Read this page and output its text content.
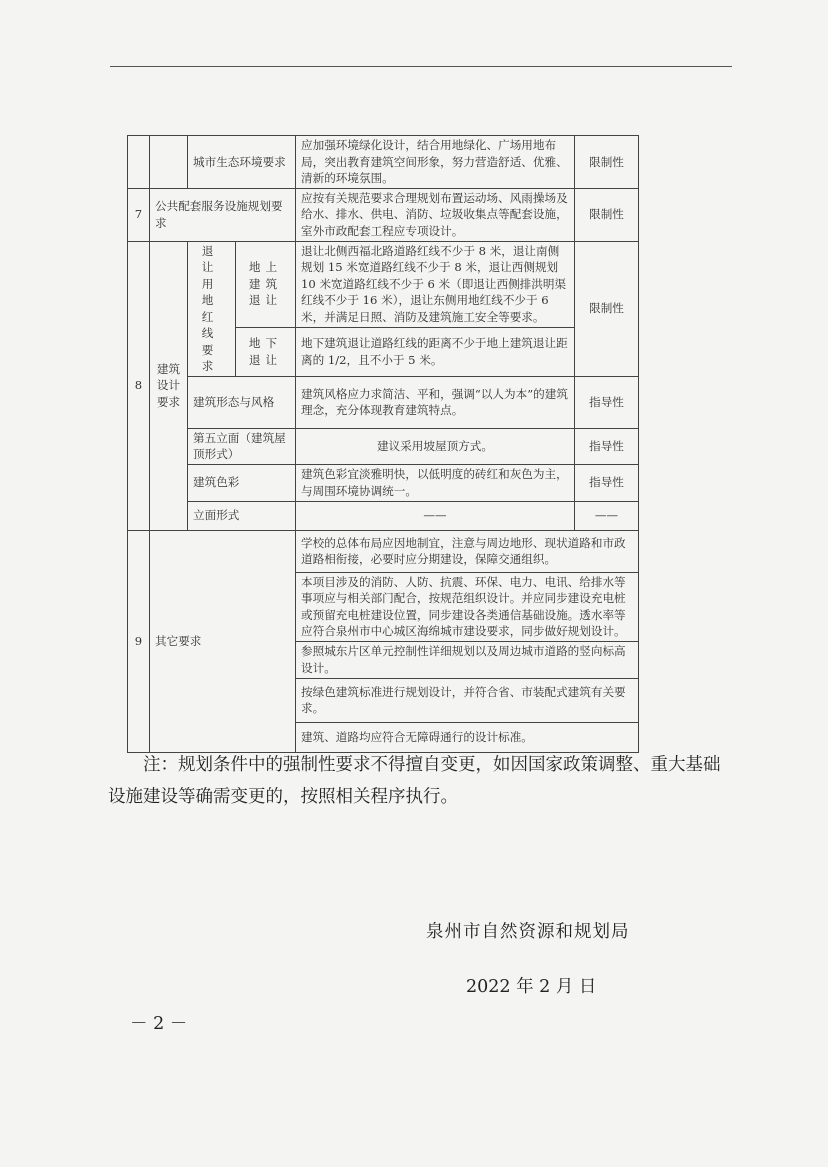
		城市生态环境要求		应加强环境绿化设计，结合用地绿化、广场用地布局，突出教育建筑空间形象，努力营造舒适、优雅、清新的环境氛围。	限制性
7	公共配套服务设施规划要求			应按有关规范要求合理规划布置运动场、风雨操场及给水、排水、供电、消防、垃圾收集点等配套设施，室外市政配套工程应专项设计。	限制性
8	建筑设计要求	退让用地红线要求	地上建筑退让	退让北侧西福北路道路红线不少于 8 米，退让南侧规划 15 米宽道路红线不少于 8 米，退让西侧规划 10 米宽道路红线不少于 6 米（即退让西侧排洪明渠红线不少于 16 米），退让东侧用地红线不少于 6 米，并满足日照、消防及建筑施工安全等要求。	限制性
			地下退让	地下建筑退让道路红线的距离不少于地上建筑退让距离的 1/2，且不小于 5 米。	
		建筑形态与风格		建筑风格应力求简洁、平和，强调“以人为本”的建筑理念，充分体现教育建筑特点。	指导性
		第五立面（建筑屋顶形式）		建议采用坡屋顶方式。	指导性
		建筑色彩		建筑色彩宜淡雅明快，以低明度的砖红和灰色为主，与周围环境协调统一。	指导性
		立面形式		——	——
9	其它要求			学校的总体布局应因地制宜，注意与周边地形、现状道路和市政道路相衔接，必要时应分期建设，保障交通组织。	
				本项目涉及的消防、人防、抗震、环保、电力、电讯、给排水等事项应与相关部门配合，按规范组织设计。并应同步建设充电桩或预留充电桩建设位置，同步建设各类通信基础设施。透水率等应符合泉州市中心城区海绵城市建设要求，同步做好规划设计。	
				参照城东片区单元控制性详细规划以及周边城市道路的竖向标高设计。	
				按绿色建筑标准进行规划设计，并符合省、市装配式建筑有关要求。	
				建筑、道路均应符合无障碍通行的设计标准。	
注：规划条件中的强制性要求不得擅自变更，如因国家政策调整、重大基础设施建设等确需变更的，按照相关程序执行。
泉州市自然资源和规划局
2022 年 2 月 日
－ 2 －
